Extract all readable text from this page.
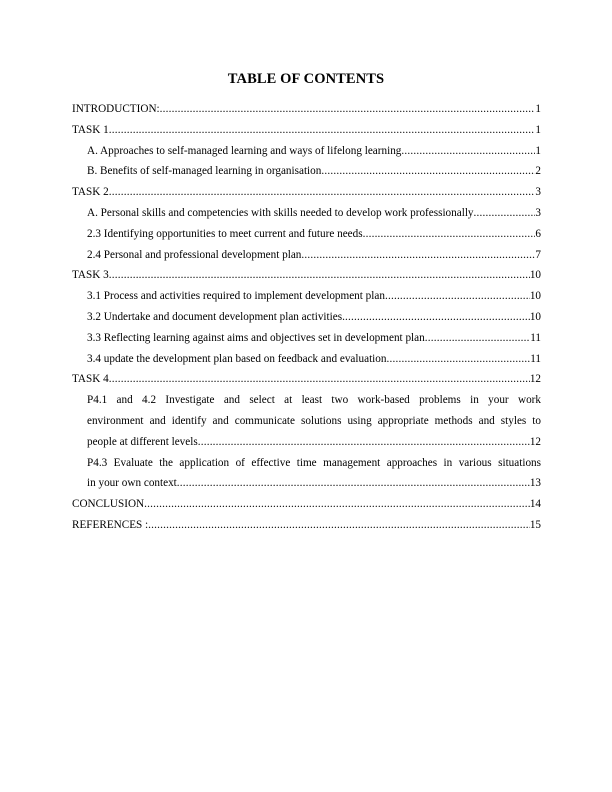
TABLE OF CONTENTS
INTRODUCTION: .....	1
TASK 1 .....	1
A. Approaches to self-managed learning and ways of lifelong learning .....	1
B. Benefits of self-managed learning in organisation .....	2
TASK 2 .....	3
A. Personal skills and competencies with skills needed to develop work professionally .....	3
2.3 Identifying opportunities to meet current and future needs .....	6
2.4 Personal and professional development plan .....	7
TASK 3 .....	10
3.1 Process and activities required to implement development plan .....	10
3.2 Undertake and document development plan activities .....	10
3.3 Reflecting learning against aims and objectives set in development plan .....	11
3.4 update the development plan based on feedback and evaluation .....	11
TASK 4 .....	12
P4.1 and 4.2 Investigate and select at least two work-based problems in your work
environment and identify and communicate solutions using appropriate methods and styles to
people at different levels .....	12
P4.3 Evaluate the application of effective time management approaches in various situations
in your own context .....	13
CONCLUSION .....	14
REFERENCES : .....	15
